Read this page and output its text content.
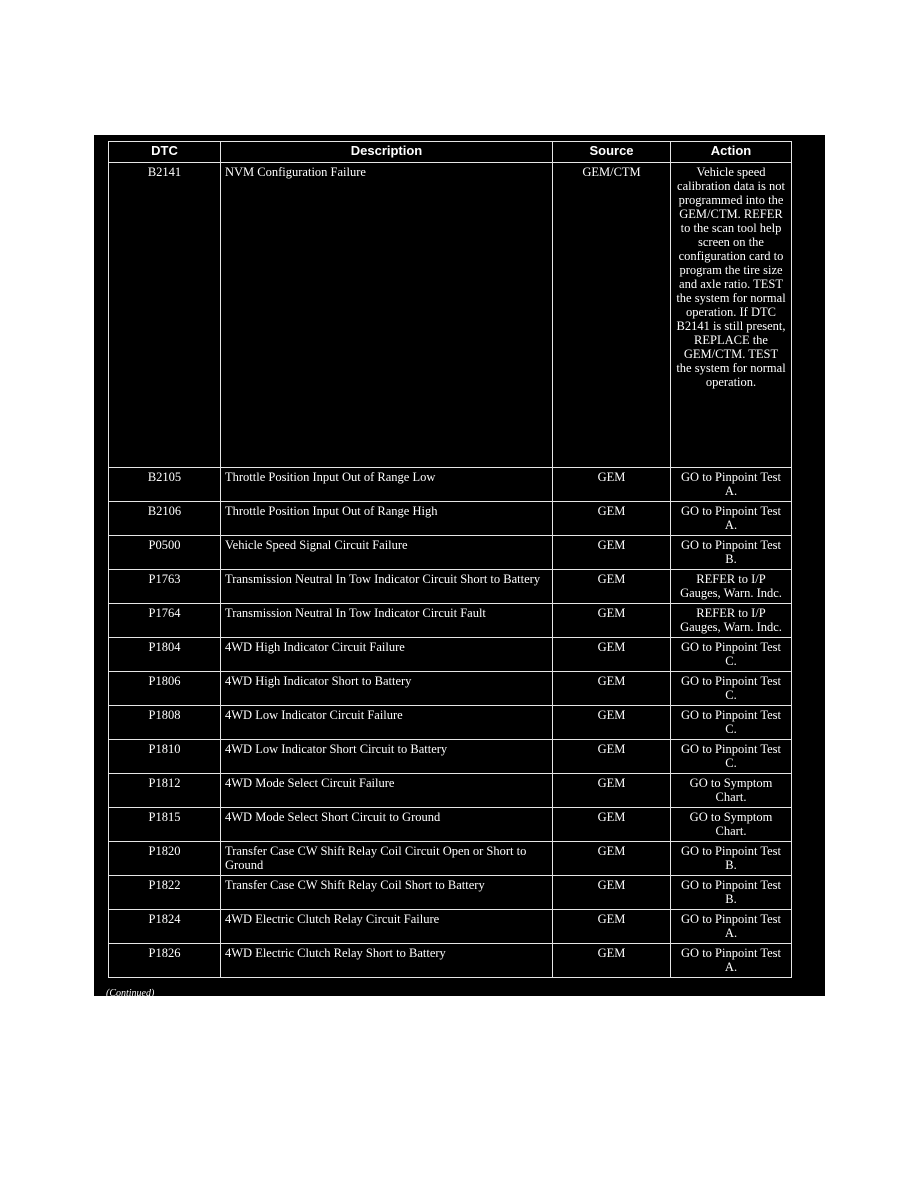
DTC	Description	Source	Action
B2141	NVM Configuration Failure	GEM/CTM	Vehicle speed calibration data is not programmed into the GEM/CTM. REFER to the scan tool help screen on the configuration card to program the tire size and axle ratio. TEST the system for normal operation. If DTC B2141 is still present, REPLACE the GEM/CTM. TEST the system for normal operation.
B2105	Throttle Position Input Out of Range Low	GEM	GO to Pinpoint Test A.
B2106	Throttle Position Input Out of Range High	GEM	GO to Pinpoint Test A.
P0500	Vehicle Speed Signal Circuit Failure	GEM	GO to Pinpoint Test B.
P1763	Transmission Neutral In Tow Indicator Circuit Short to Battery	GEM	REFER to I/P Gauges, Warn. Indc.
P1764	Transmission Neutral In Tow Indicator Circuit Fault	GEM	REFER to I/P Gauges, Warn. Indc.
P1804	4WD High Indicator Circuit Failure	GEM	GO to Pinpoint Test C.
P1806	4WD High Indicator Short to Battery	GEM	GO to Pinpoint Test C.
P1808	4WD Low Indicator Circuit Failure	GEM	GO to Pinpoint Test C.
P1810	4WD Low Indicator Short Circuit to Battery	GEM	GO to Pinpoint Test C.
P1812	4WD Mode Select Circuit Failure	GEM	GO to Symptom Chart.
P1815	4WD Mode Select Short Circuit to Ground	GEM	GO to Symptom Chart.
P1820	Transfer Case CW Shift Relay Coil Circuit Open or Short to Ground	GEM	GO to Pinpoint Test B.
P1822	Transfer Case CW Shift Relay Coil Short to Battery	GEM	GO to Pinpoint Test B.
P1824	4WD Electric Clutch Relay Circuit Failure	GEM	GO to Pinpoint Test A.
P1826	4WD Electric Clutch Relay Short to Battery	GEM	GO to Pinpoint Test A.
(Continued)
